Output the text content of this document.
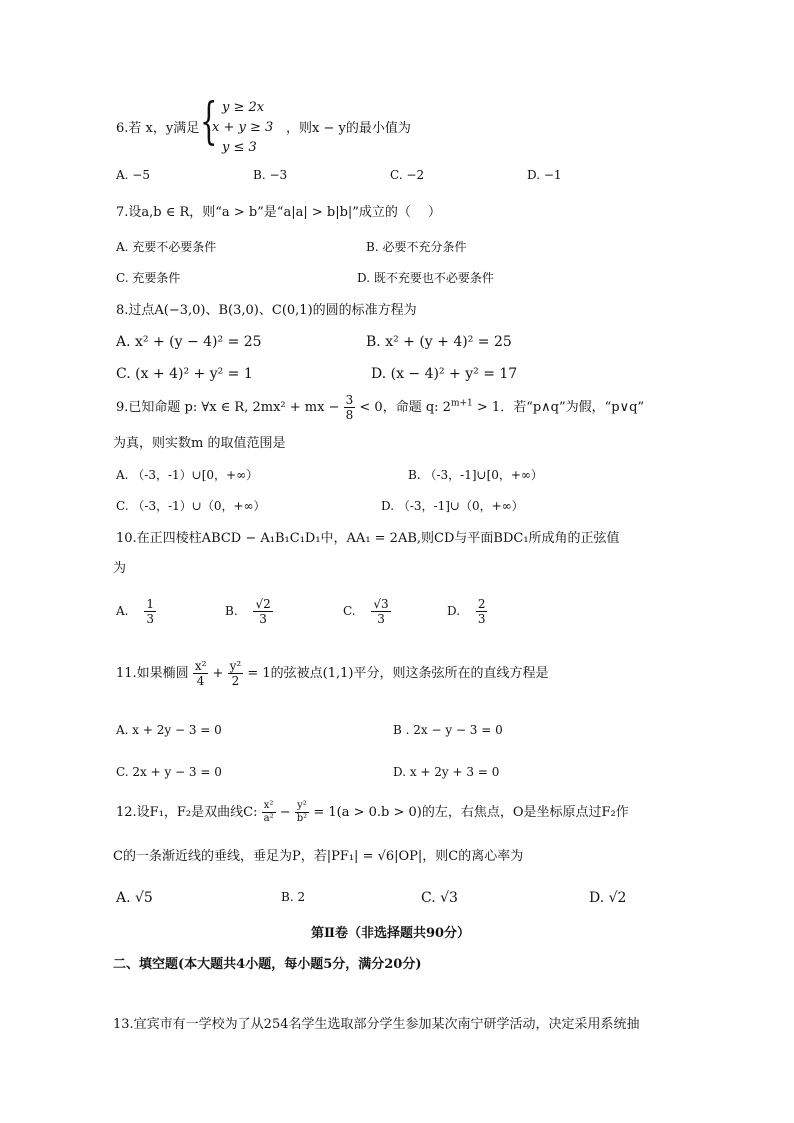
6.若 x，y满足 { y ≥ 2x
x + y ≥ 3
y ≤ 3
，则x − y的最小值为
A. −5	B. −3	C. −2	D. −1
7.设a,b ∈ R，则“a > b”是“a|a| > b|b|”成立的（　 ）
A. 充要不必要条件	B. 必要不充分条件
C. 充要条件	D. 既不充要也不必要条件
8.过点A(−3,0)、B(3,0)、C(0,1)的圆的标准方程为
A. x² + (y − 4)² = 25	B. x² + (y + 4)² = 25
C. (x + 4)² + y² = 1	D. (x − 4)² + y² = 17
9.已知命题 p: ∀x ∈ R, 2mx² + mx − $\frac{3}{8} < 0$，命题 q: $2^{m+1} > 1$．若“p∧q”为假，“p∨q”
为真，则实数m 的取值范围是
A. （-3，-1）∪[0，+∞）	B. （-3，-1]∪[0，+∞）
C. （-3，-1）∪（0，+∞）	D. （-3，-1]∪（0，+∞）
10.在正四棱柱ABCD − A₁B₁C₁D₁中，AA₁ = 2AB,则CD与平面BDC₁所成角的正弦值
为
A. $\frac{1}{3}$	B. $\frac{√2}{3}$	C. $\frac{√3}{3}$	D. $\frac{2}{3}$
11.如果椭圆 $\frac{\text{x²}}{4} + \frac{\text{y²}}{2} = 1$的弦被点(1,1)平分，则这条弦所在的直线方程是
A. x + 2y − 3 = 0	B . 2x − y − 3 = 0
C. 2x + y − 3 = 0	D. x + 2y + 3 = 0
12.设F₁，F₂是双曲线C: $\frac{\text{x²}}{\text{a²}} - \frac{\text{y²}}{\text{b²}} = 1(a > 0.b > 0)$的左，右焦点，O是坐标原点过F₂作
C的一条渐近线的垂线，垂足为P，若|PF₁| = √6|OP|，则C的离心率为
A. √5	B. 2	C. √3	D. √2
第Ⅱ卷（非选择题共90分）
二、填空题(本大题共4小题，每小题5分，满分20分)
13.宜宾市有一学校为了从254名学生选取部分学生参加某次南宁研学活动，决定采用系统抽
